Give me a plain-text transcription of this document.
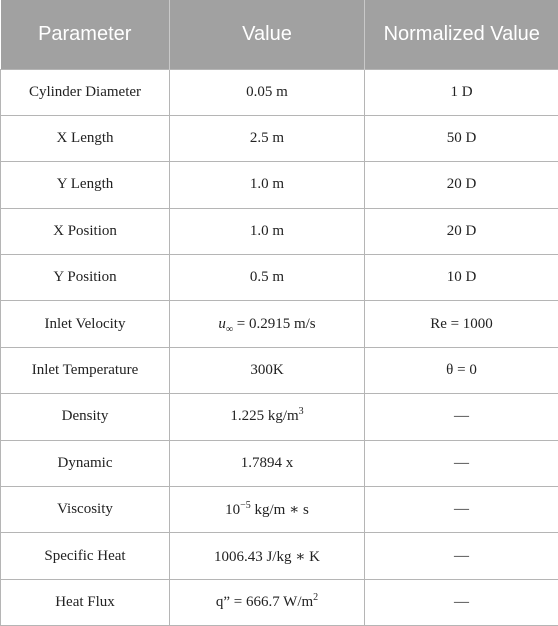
Parameter	Value	Normalized Value
Cylinder Diameter	0.05 m	1 D
X Length	2.5 m	50 D
Y Length	1.0 m	20 D
X Position	1.0 m	20 D
Y Position	0.5 m	10 D
Inlet Velocity	$u_\infty = 0.2915$ m/s	Re = 1000
Inlet Temperature	300K	θ = 0
Density	1.225 $kg/m^3$	—
Dynamic	1.7894 x	—
Viscosity	$10^{-5}$ kg/m ∗ s	—
Specific Heat	1006.43 J/kg ∗ K	—
Heat Flux	q” = 666.7 $W/m^2$	—
